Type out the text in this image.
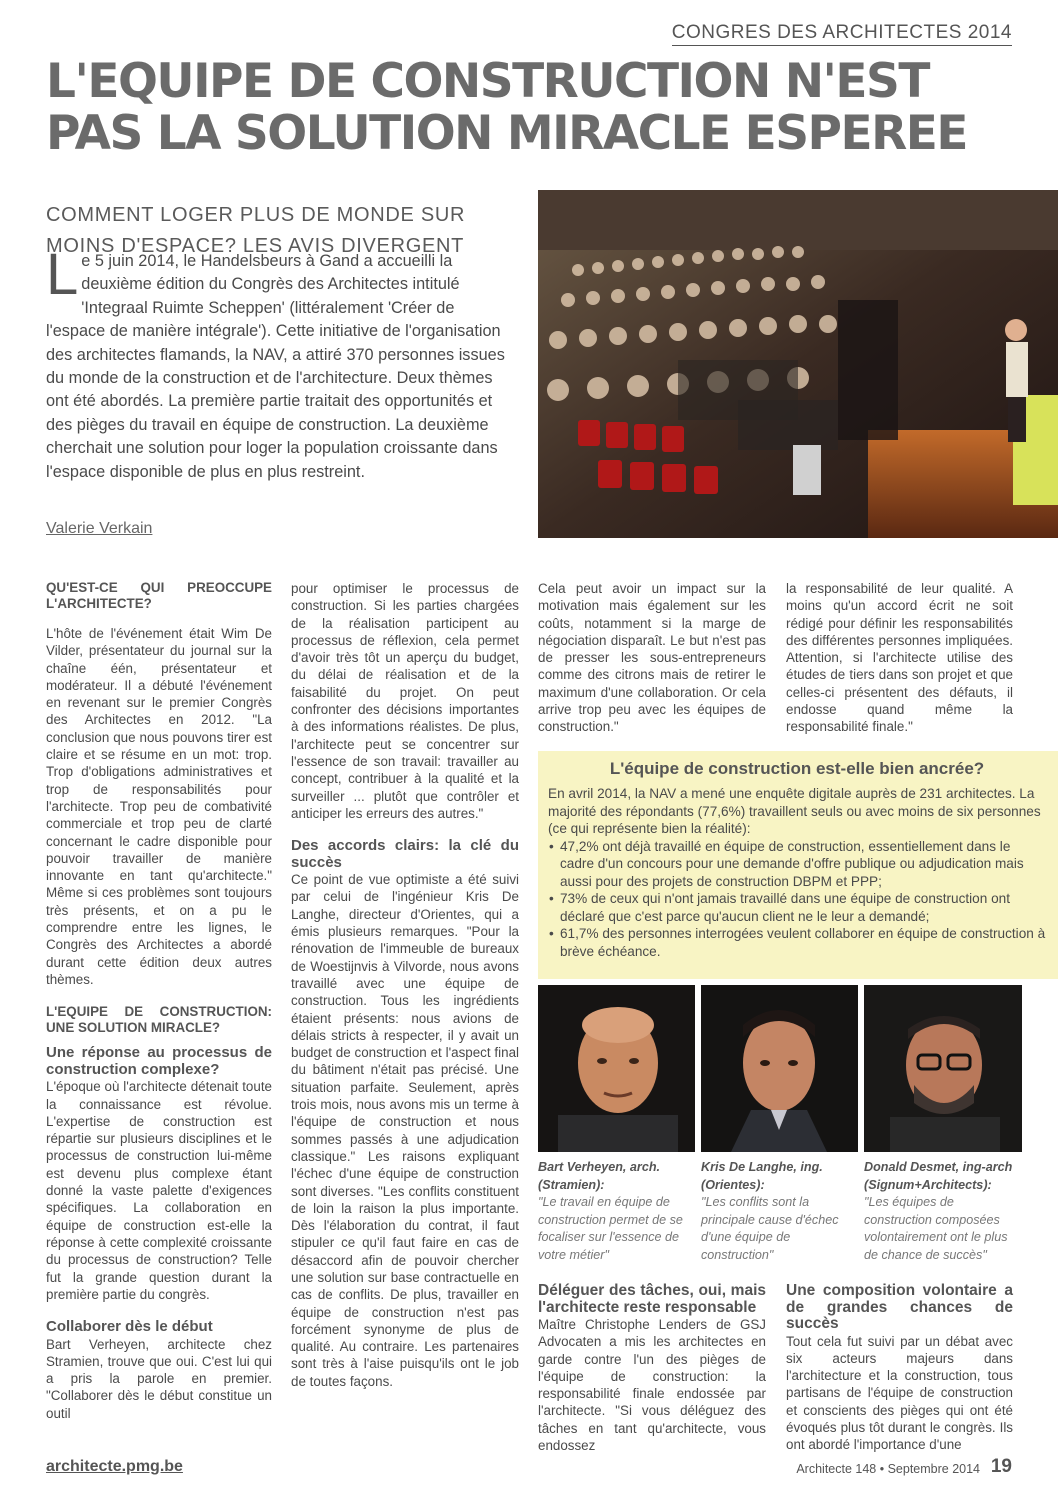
CONGRES DES ARCHITECTES 2014
L'EQUIPE DE CONSTRUCTION N'EST
PAS LA SOLUTION MIRACLE ESPEREE
COMMENT LOGER PLUS DE MONDE SUR
MOINS D'ESPACE? LES AVIS DIVERGENT
Le 5 juin 2014, le Handelsbeurs à Gand a accueilli la deuxième édition du Congrès des Architectes intitulé 'Integraal Ruimte Scheppen' (littéralement 'Créer de l'espace de manière intégrale'). Cette initiative de l'organisation des architectes flamands, la NAV, a attiré 370 personnes issues du monde de la construction et de l'architecture. Deux thèmes ont été abordés. La première partie traitait des opportunités et des pièges du travail en équipe de construction. La deuxième cherchait une solution pour loger la population croissante dans l'espace disponible de plus en plus restreint.
Valerie Verkain
QU'EST-CE QUI PREOCCUPE L'ARCHITECTE?

L'hôte de l'événement était Wim De Vilder, présentateur du journal sur la chaîne één, présentateur et modérateur. Il a débuté l'événement en revenant sur le premier Congrès des Architectes en 2012. "La conclusion que nous pouvons tirer est claire et se résume en un mot: trop. Trop d'obligations administratives et trop de responsabilités pour l'architecte. Trop peu de combativité commerciale et trop peu de clarté concernant le cadre disponible pour pouvoir travailler de manière innovante en tant qu'architecte." Même si ces problèmes sont toujours très présents, et on a pu le comprendre entre les lignes, le Congrès des Architectes a abordé durant cette édition deux autres thèmes.

L'EQUIPE DE CONSTRUCTION: UNE SOLUTION MIRACLE?
Une réponse au processus de construction complexe?

L'époque où l'architecte détenait toute la connaissance est révolue. L'expertise de construction est répartie sur plusieurs disciplines et le processus de construction lui-même est devenu plus complexe étant donné la vaste palette d'exigences spécifiques. La collaboration en équipe de construction est-elle la réponse à cette complexité croissante du processus de construction? Telle fut la grande question durant la première partie du congrès.

Collaborer dès le début

Bart Verheyen, architecte chez Stramien, trouve que oui. C'est lui qui a pris la parole en premier. "Collaborer dès le début constitue un outil

pour optimiser le processus de construction. Si les parties chargées de la réalisation participent au processus de réflexion, cela permet d'avoir très tôt un aperçu du budget, du délai de réalisation et de la faisabilité du projet. On peut confronter des décisions importantes à des informations réalistes. De plus, l'architecte peut se concentrer sur l'essence de son travail: travailler au concept, contribuer à la qualité et la surveiller ... plutôt que contrôler et anticiper les erreurs des autres."

Des accords clairs: la clé du succès

Ce point de vue optimiste a été suivi par celui de l'ingénieur Kris De Langhe, directeur d'Orientes, qui a émis plusieurs remarques. "Pour la rénovation de l'immeuble de bureaux de Woestijnvis à Vilvorde, nous avons travaillé avec une équipe de construction. Tous les ingrédients étaient présents: nous avions de délais stricts à respecter, il y avait un budget de construction et l'aspect final du bâtiment n'était pas précisé. Une situation parfaite. Seulement, après trois mois, nous avons mis un terme à l'équipe de construction et nous sommes passés à une adjudication classique." Les raisons expliquant l'échec d'une équipe de construction sont diverses. "Les conflits constituent de loin la raison la plus importante. Dès l'élaboration du contrat, il faut stipuler ce qu'il faut faire en cas de désaccord afin de pouvoir chercher une solution sur base contractuelle en cas de conflits. De plus, travailler en équipe de construction n'est pas forcément synonyme de plus de qualité. Au contraire. Les partenaires sont très à l'aise puisqu'ils ont le job de toutes façons.

Cela peut avoir un impact sur la motivation mais également sur les coûts, notamment si la marge de négociation disparaît. Le but n'est pas de presser les sous-entrepreneurs comme des citrons mais de retirer le maximum d'une collaboration. Or cela arrive trop peu avec les équipes de construction."

la responsabilité de leur qualité. A moins qu'un accord écrit ne soit rédigé pour définir les responsabilités des différentes personnes impliquées. Attention, si l'architecte utilise des études de tiers dans son projet et que celles-ci présentent des défauts, il endosse quand même la responsabilité finale."

L'équipe de construction est-elle bien ancrée?

En avril 2014, la NAV a mené une enquête digitale auprès de 231 architectes. La majorité des répondants (77,6%) travaillent seuls ou avec moins de six personnes (ce qui représente bien la réalité):

• 47,2% ont déjà travaillé en équipe de construction, essentiellement dans le cadre d'un concours pour une demande d'offre publique ou adjudication mais aussi pour des projets de construction DBPM et PPP;
• 73% de ceux qui n'ont jamais travaillé dans une équipe de construction ont déclaré que c'est parce qu'aucun client ne le leur a demandé;
• 61,7% des personnes interrogées veulent collaborer en équipe de construction à brève échéance.
Bart Verheyen, arch. (Stramien):
"Le travail en équipe de construction permet de se focaliser sur l'essence de votre métier"
Kris De Langhe, ing. (Orientes):
"Les conflits sont la principale cause d'échec d'une équipe de construction"
Donald Desmet, ing-arch (Signum+Architects):
"Les équipes de construction composées volontairement ont le plus de chance de succès"
Déléguer des tâches, oui, mais l'architecte reste responsable

Maître Christophe Lenders de GSJ Advocaten a mis les architectes en garde contre l'un des pièges de l'équipe de construction: la responsabilité finale endossée par l'architecte. "Si vous déléguez des tâches en tant qu'architecte, vous endossez

Une composition volontaire a de grandes chances de succès

Tout cela fut suivi par un débat avec six acteurs majeurs dans l'architecture et la construction, tous partisans de l'équipe de construction et conscients des pièges qui ont été évoqués plus tôt durant le congrès. Ils ont abordé l'importance d'une

architecte.pmg.be	Architecte 148 • Septembre 2014 19
